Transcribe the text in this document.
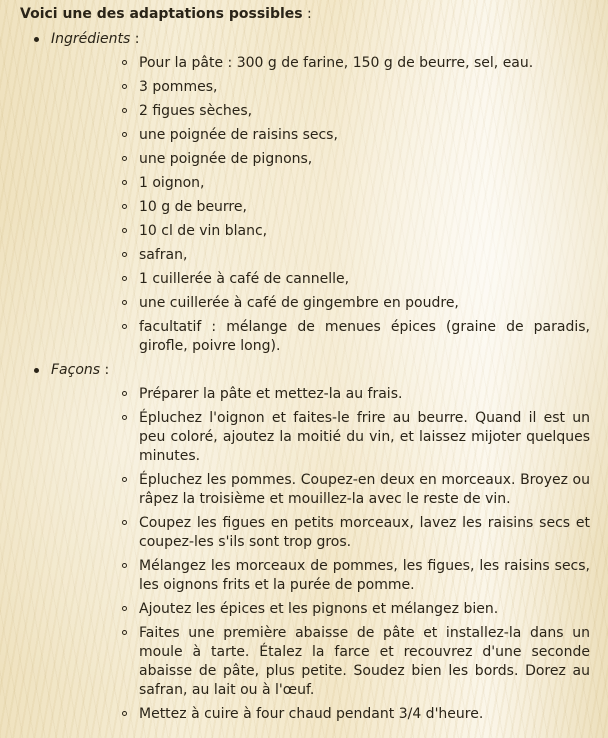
Voici une des adaptations possibles :

Ingrédients :
Pour la pâte : 300 g de farine, 150 g de beurre, sel, eau.
3 pommes,
2 figues sèches,
une poignée de raisins secs,
une poignée de pignons,
1 oignon,
10 g de beurre,
10 cl de vin blanc,
safran,
1 cuillerée à café de cannelle,
une cuillerée à café de gingembre en poudre,
facultatif : mélange de menues épices (graine de paradis, girofle, poivre long).
Façons :
Préparer la pâte et mettez-la au frais.
Épluchez l'oignon et faites-le frire au beurre. Quand il est un peu coloré, ajoutez la moitié du vin, et laissez mijoter quelques minutes.
Épluchez les pommes. Coupez-en deux en morceaux. Broyez ou râpez la troisième et mouillez-la avec le reste de vin.
Coupez les figues en petits morceaux, lavez les raisins secs et coupez-les s'ils sont trop gros.
Mélangez les morceaux de pommes, les figues, les raisins secs, les oignons frits et la purée de pomme.
Ajoutez les épices et les pignons et mélangez bien.
Faites une première abaisse de pâte et installez-la dans un moule à tarte. Étalez la farce et recouvrez d'une seconde abaisse de pâte, plus petite. Soudez bien les bords. Dorez au safran, au lait ou à l'œuf.
Mettez à cuire à four chaud pendant 3/4 d'heure.
